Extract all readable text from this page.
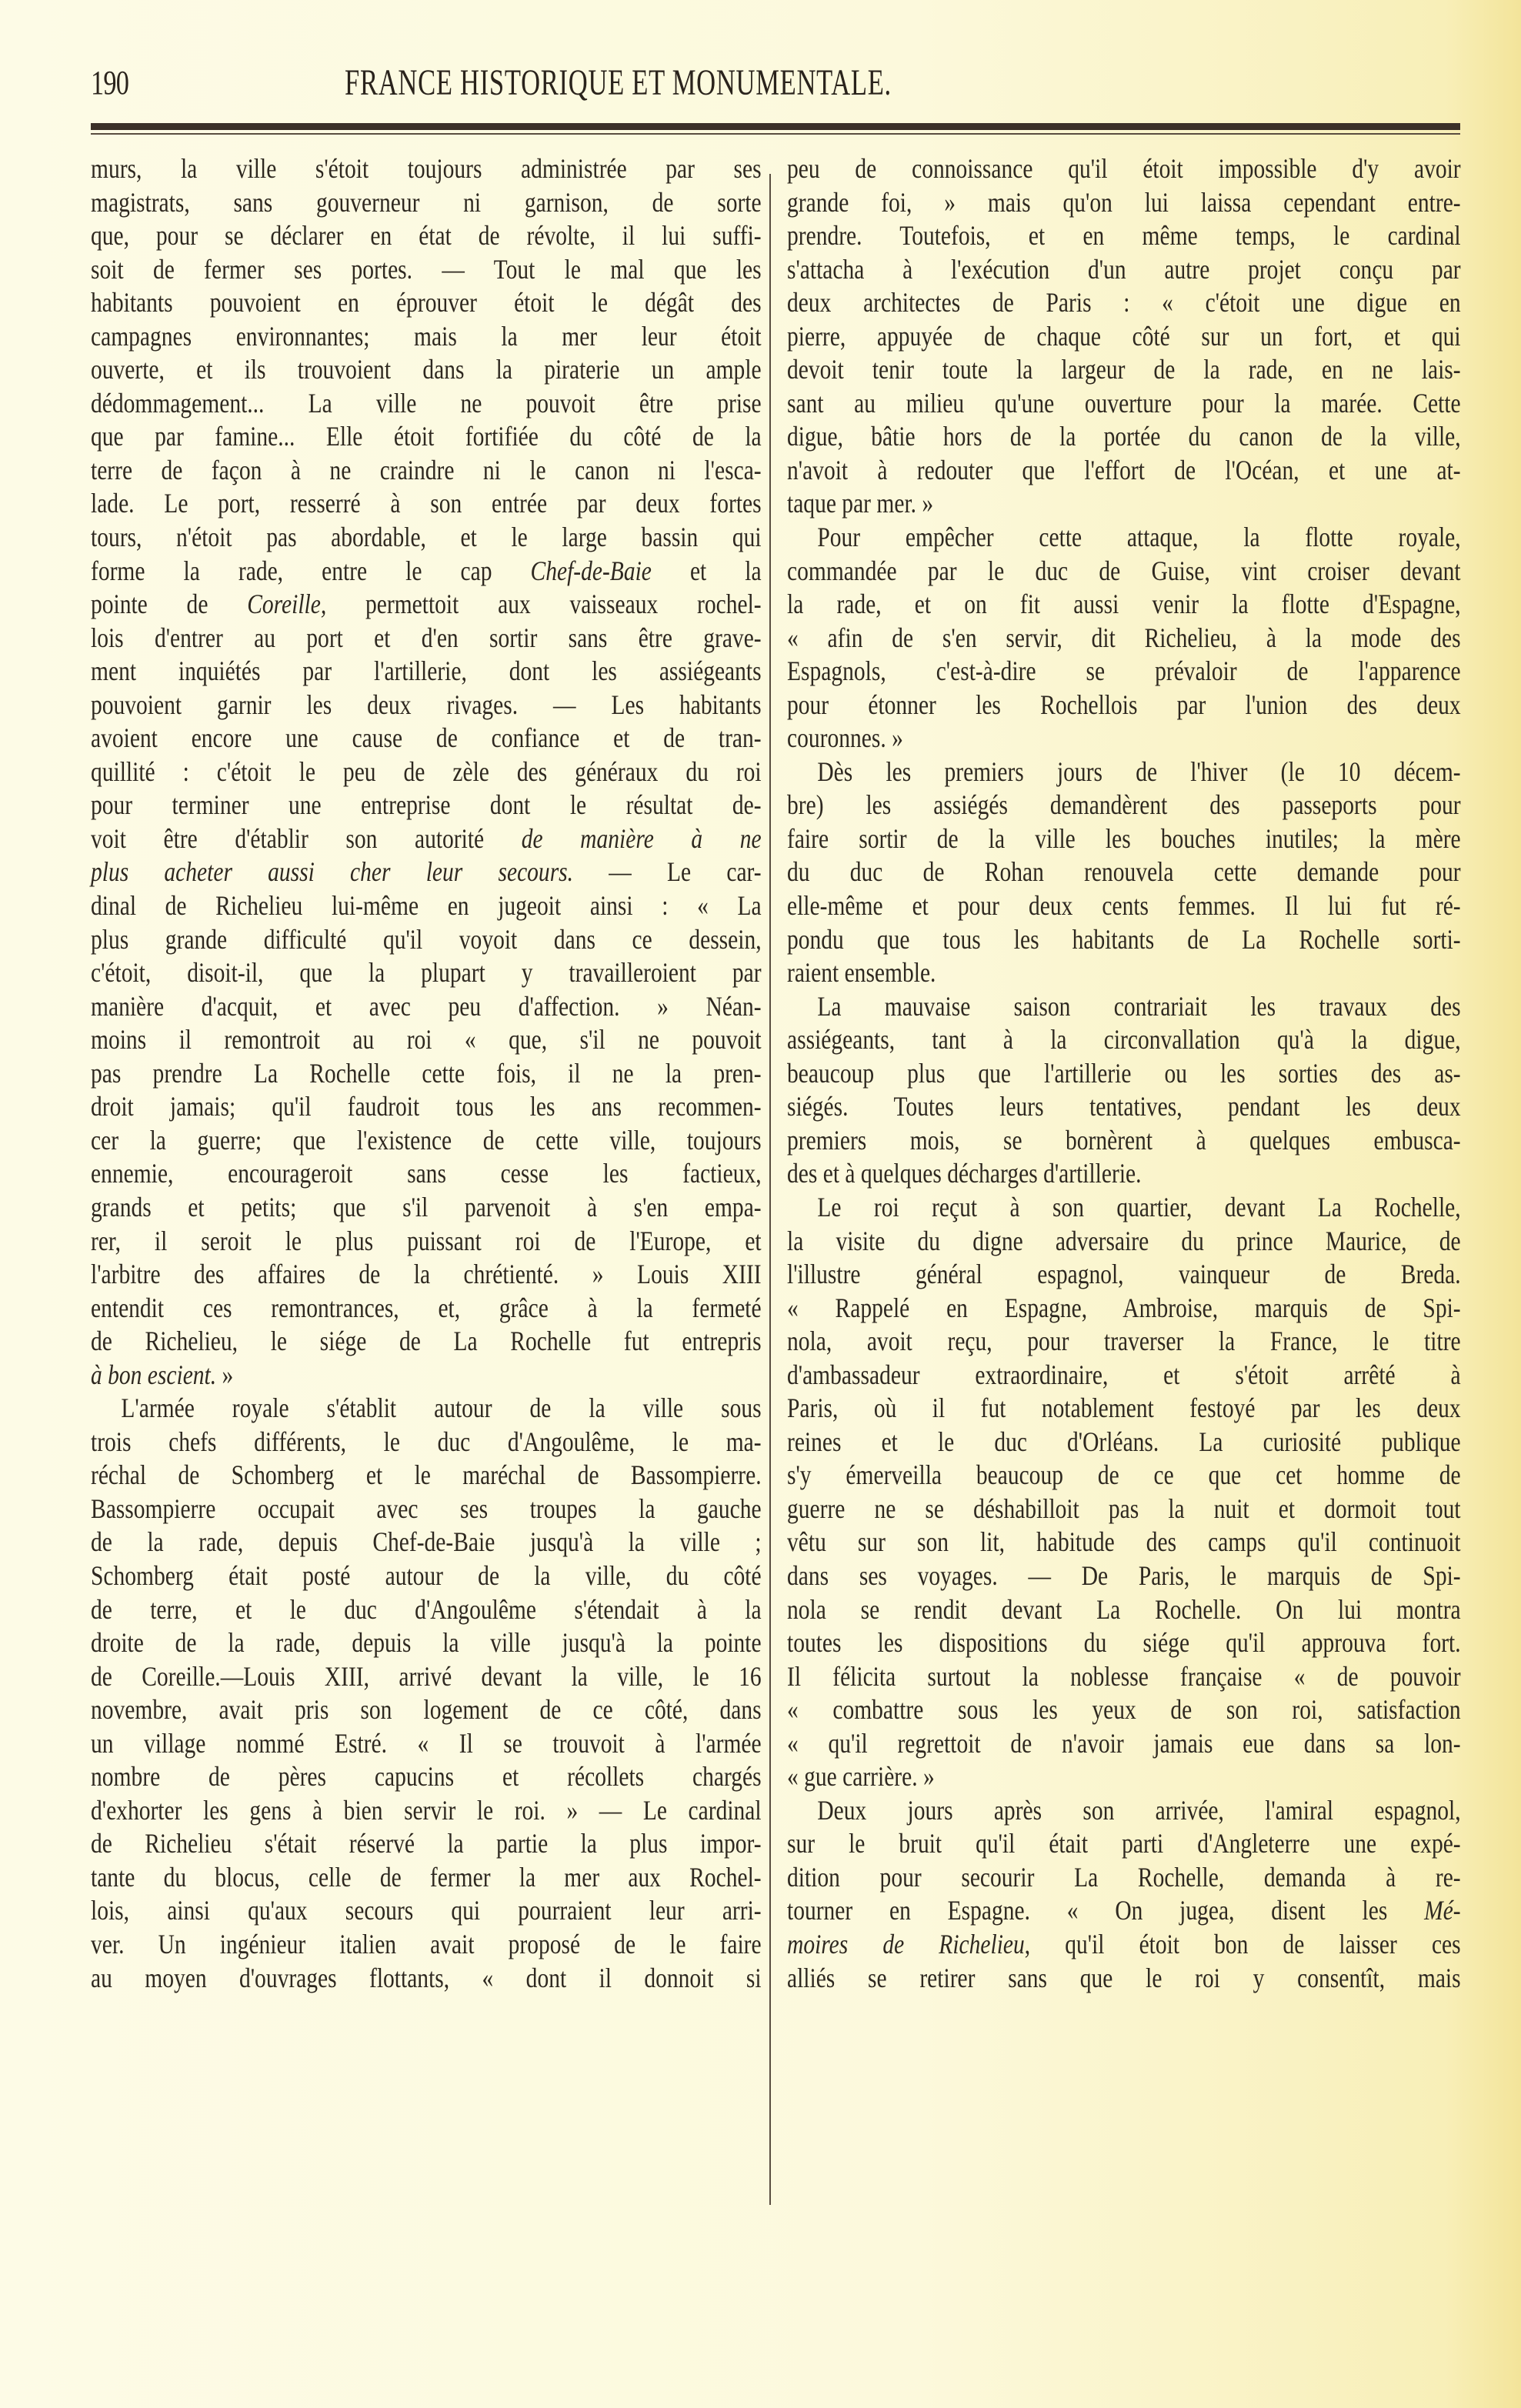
190	FRANCE HISTORIQUE ET MONUMENTALE.
murs, la ville s'étoit toujours administrée par ses
magistrats, sans gouverneur ni garnison, de sorte
que, pour se déclarer en état de révolte, il lui suffi-
soit de fermer ses portes. — Tout le mal que les
habitants pouvoient en éprouver étoit le dégât des
campagnes environnantes; mais la mer leur étoit
ouverte, et ils trouvoient dans la piraterie un ample
dédommagement... La ville ne pouvoit être prise
que par famine... Elle étoit fortifiée du côté de la
terre de façon à ne craindre ni le canon ni l'esca-
lade. Le port, resserré à son entrée par deux fortes
tours, n'étoit pas abordable, et le large bassin qui
forme la rade, entre le cap Chef-de-Baie et la
pointe de Coreille, permettoit aux vaisseaux rochel-
lois d'entrer au port et d'en sortir sans être grave-
ment inquiétés par l'artillerie, dont les assiégeants
pouvoient garnir les deux rivages. — Les habitants
avoient encore une cause de confiance et de tran-
quillité : c'étoit le peu de zèle des généraux du roi
pour terminer une entreprise dont le résultat de-
voit être d'établir son autorité de manière à ne
plus acheter aussi cher leur secours. — Le car-
dinal de Richelieu lui-même en jugeoit ainsi : « La
plus grande difficulté qu'il voyoit dans ce dessein,
c'étoit, disoit-il, que la plupart y travailleroient par
manière d'acquit, et avec peu d'affection. » Néan-
moins il remontroit au roi « que, s'il ne pouvoit
pas prendre La Rochelle cette fois, il ne la pren-
droit jamais; qu'il faudroit tous les ans recommen-
cer la guerre; que l'existence de cette ville, toujours
ennemie, encourageroit sans cesse les factieux,
grands et petits; que s'il parvenoit à s'en empa-
rer, il seroit le plus puissant roi de l'Europe, et
l'arbitre des affaires de la chrétienté. » Louis XIII
entendit ces remontrances, et, grâce à la fermeté
de Richelieu, le siége de La Rochelle fut entrepris
à bon escient. »
L'armée royale s'établit autour de la ville sous
trois chefs différents, le duc d'Angoulême, le ma-
réchal de Schomberg et le maréchal de Bassompierre.
Bassompierre occupait avec ses troupes la gauche
de la rade, depuis Chef-de-Baie jusqu'à la ville ;
Schomberg était posté autour de la ville, du côté
de terre, et le duc d'Angoulême s'étendait à la
droite de la rade, depuis la ville jusqu'à la pointe
de Coreille.—Louis XIII, arrivé devant la ville, le 16
novembre, avait pris son logement de ce côté, dans
un village nommé Estré. « Il se trouvoit à l'armée
nombre de pères capucins et récollets chargés
d'exhorter les gens à bien servir le roi. » — Le cardinal
de Richelieu s'était réservé la partie la plus impor-
tante du blocus, celle de fermer la mer aux Rochel-
lois, ainsi qu'aux secours qui pourraient leur arri-
ver. Un ingénieur italien avait proposé de le faire
au moyen d'ouvrages flottants, « dont il donnoit si
peu de connoissance qu'il étoit impossible d'y avoir
grande foi, » mais qu'on lui laissa cependant entre-
prendre. Toutefois, et en même temps, le cardinal
s'attacha à l'exécution d'un autre projet conçu par
deux architectes de Paris : « c'étoit une digue en
pierre, appuyée de chaque côté sur un fort, et qui
devoit tenir toute la largeur de la rade, en ne lais-
sant au milieu qu'une ouverture pour la marée. Cette
digue, bâtie hors de la portée du canon de la ville,
n'avoit à redouter que l'effort de l'Océan, et une at-
taque par mer. »
Pour empêcher cette attaque, la flotte royale,
commandée par le duc de Guise, vint croiser devant
la rade, et on fit aussi venir la flotte d'Espagne,
« afin de s'en servir, dit Richelieu, à la mode des
Espagnols, c'est-à-dire se prévaloir de l'apparence
pour étonner les Rochellois par l'union des deux
couronnes. »
Dès les premiers jours de l'hiver (le 10 décem-
bre) les assiégés demandèrent des passeports pour
faire sortir de la ville les bouches inutiles; la mère
du duc de Rohan renouvela cette demande pour
elle-même et pour deux cents femmes. Il lui fut ré-
pondu que tous les habitants de La Rochelle sorti-
raient ensemble.
La mauvaise saison contrariait les travaux des
assiégeants, tant à la circonvallation qu'à la digue,
beaucoup plus que l'artillerie ou les sorties des as-
siégés. Toutes leurs tentatives, pendant les deux
premiers mois, se bornèrent à quelques embusca-
des et à quelques décharges d'artillerie.
Le roi reçut à son quartier, devant La Rochelle,
la visite du digne adversaire du prince Maurice, de
l'illustre général espagnol, vainqueur de Breda.
« Rappelé en Espagne, Ambroise, marquis de Spi-
nola, avoit reçu, pour traverser la France, le titre
d'ambassadeur extraordinaire, et s'étoit arrêté à
Paris, où il fut notablement festoyé par les deux
reines et le duc d'Orléans. La curiosité publique
s'y émerveilla beaucoup de ce que cet homme de
guerre ne se déshabilloit pas la nuit et dormoit tout
vêtu sur son lit, habitude des camps qu'il continuoit
dans ses voyages. — De Paris, le marquis de Spi-
nola se rendit devant La Rochelle. On lui montra
toutes les dispositions du siége qu'il approuva fort.
Il félicita surtout la noblesse française « de pouvoir
« combattre sous les yeux de son roi, satisfaction
« qu'il regrettoit de n'avoir jamais eue dans sa lon-
« gue carrière. »
Deux jours après son arrivée, l'amiral espagnol,
sur le bruit qu'il était parti d'Angleterre une expé-
dition pour secourir La Rochelle, demanda à re-
tourner en Espagne. « On jugea, disent les Mé-
moires de Richelieu, qu'il étoit bon de laisser ces
alliés se retirer sans que le roi y consentît, mais
